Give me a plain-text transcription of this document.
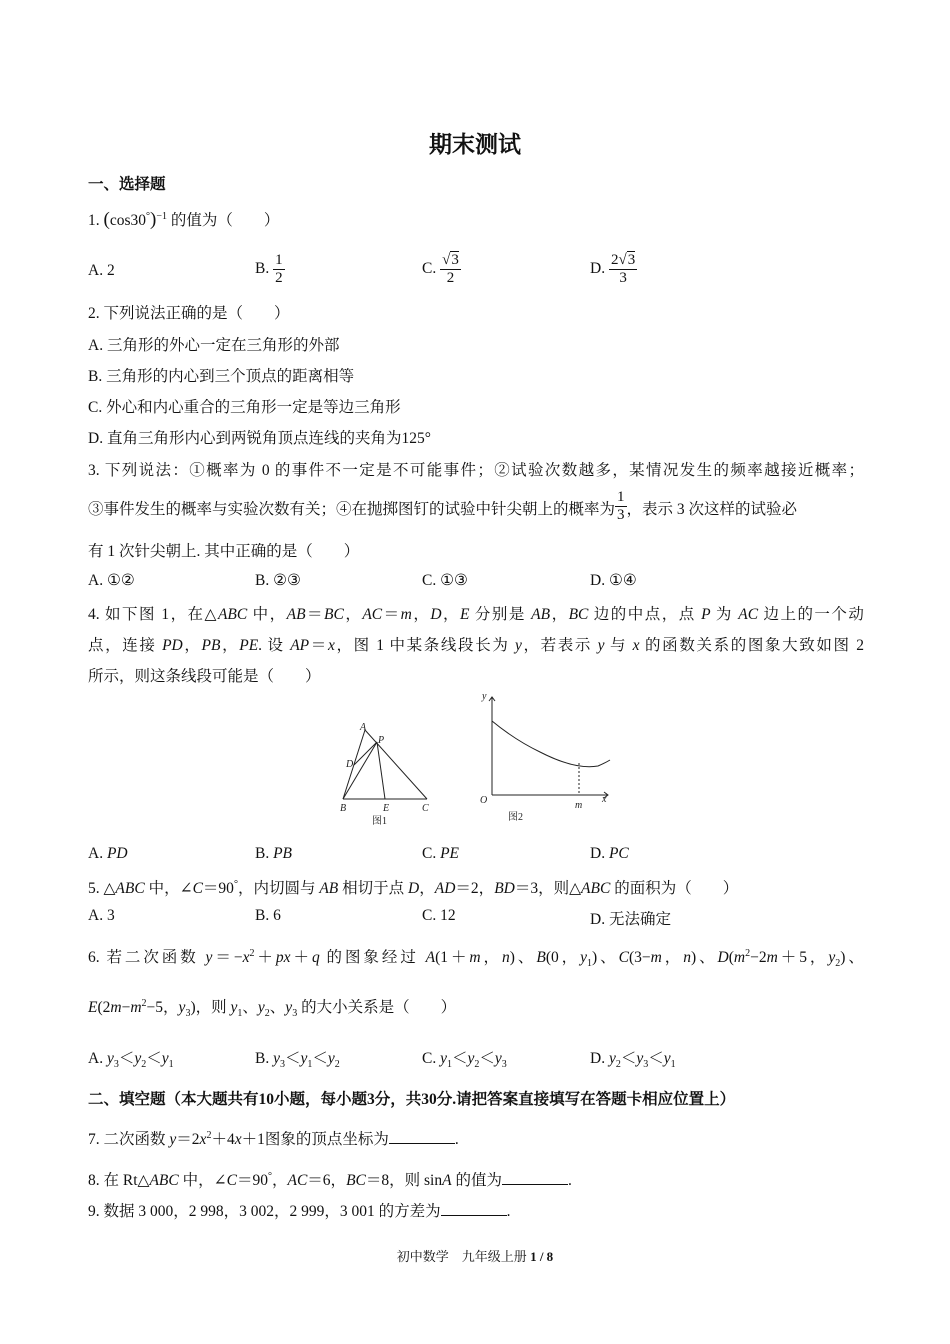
期末测试
一、选择题
1. $(\cos 30^\circ)^{-1}$ 的值为（　　）
A. 2	B. $\frac{1}{2}$	C. $\frac{√3}{2}$	D. $\frac{2√3}{3}$
2. 下列说法正确的是（　　）
A. 三角形的外心一定在三角形的外部
B. 三角形的内心到三个顶点的距离相等
C. 外心和内心重合的三角形一定是等边三角形
D. 直角三角形内心到两锐角顶点连线的夹角为125°
3. 下列说法：①概率为 0 的事件不一定是不可能事件；②试验次数越多，某情况发生的频率越接近概率；
③事件发生的概率与实验次数有关；④在抛掷图钉的试验中针尖朝上的概率为 $\frac{1}{3}$ ，表示 3 次这样的试验必
有 1 次针尖朝上. 其中正确的是（　　）
A. ①②	B. ②③	C. ①③	D. ①④
4. 如下图 1，在△ABC 中，AB＝BC，AC＝m，D，E 分别是 AB，BC 边的中点，点 P 为 AC 边上的一个动
点，连接 PD，PB，PE. 设 AP＝x，图 1 中某条线段长为 y，若表示 y 与 x 的函数关系的图象大致如图 2
所示，则这条线段可能是（　　）
A
P
D
B	E	C
图1
y
x
O	m
图2
A. PD	B. PB	C. PE	D. PC
5. △ABC 中，∠C＝90°，内切圆与 AB 相切于点 D，AD＝2，BD＝3，则△ABC 的面积为（　　）
A. 3	B. 6	C. 12	D. 无法确定
6. 若二次函数 $y=-x^2+px+q$ 的图象经过 A(1＋m，n)、B(0，$y_1$)、C(3−m，n)、$D(m^2-2m+5$，$y_2$)、
$E(2m-m^2-5$，$y_3$)，则 $y_1$、$y_2$、$y_3$ 的大小关系是（　　）
A. $y_3<y_2<y_1$	B. $y_3<y_1<y_2$	C. $y_1<y_2<y_3$	D. $y_2<y_3<y_1$
二、填空题（本大题共有10小题，每小题3分，共30分.请把答案直接填写在答题卡相应位置上）
7. 二次函数 $y=2x^2+4x+1$图象的顶点坐标为	.
8. 在 Rt△ABC 中，∠C＝90°，AC＝6，BC＝8，则 sinA 的值为	.
9. 数据 3 000，2 998，3 002，2 999，3 001 的方差为	.
初中数学　九年级上册 1 / 8
